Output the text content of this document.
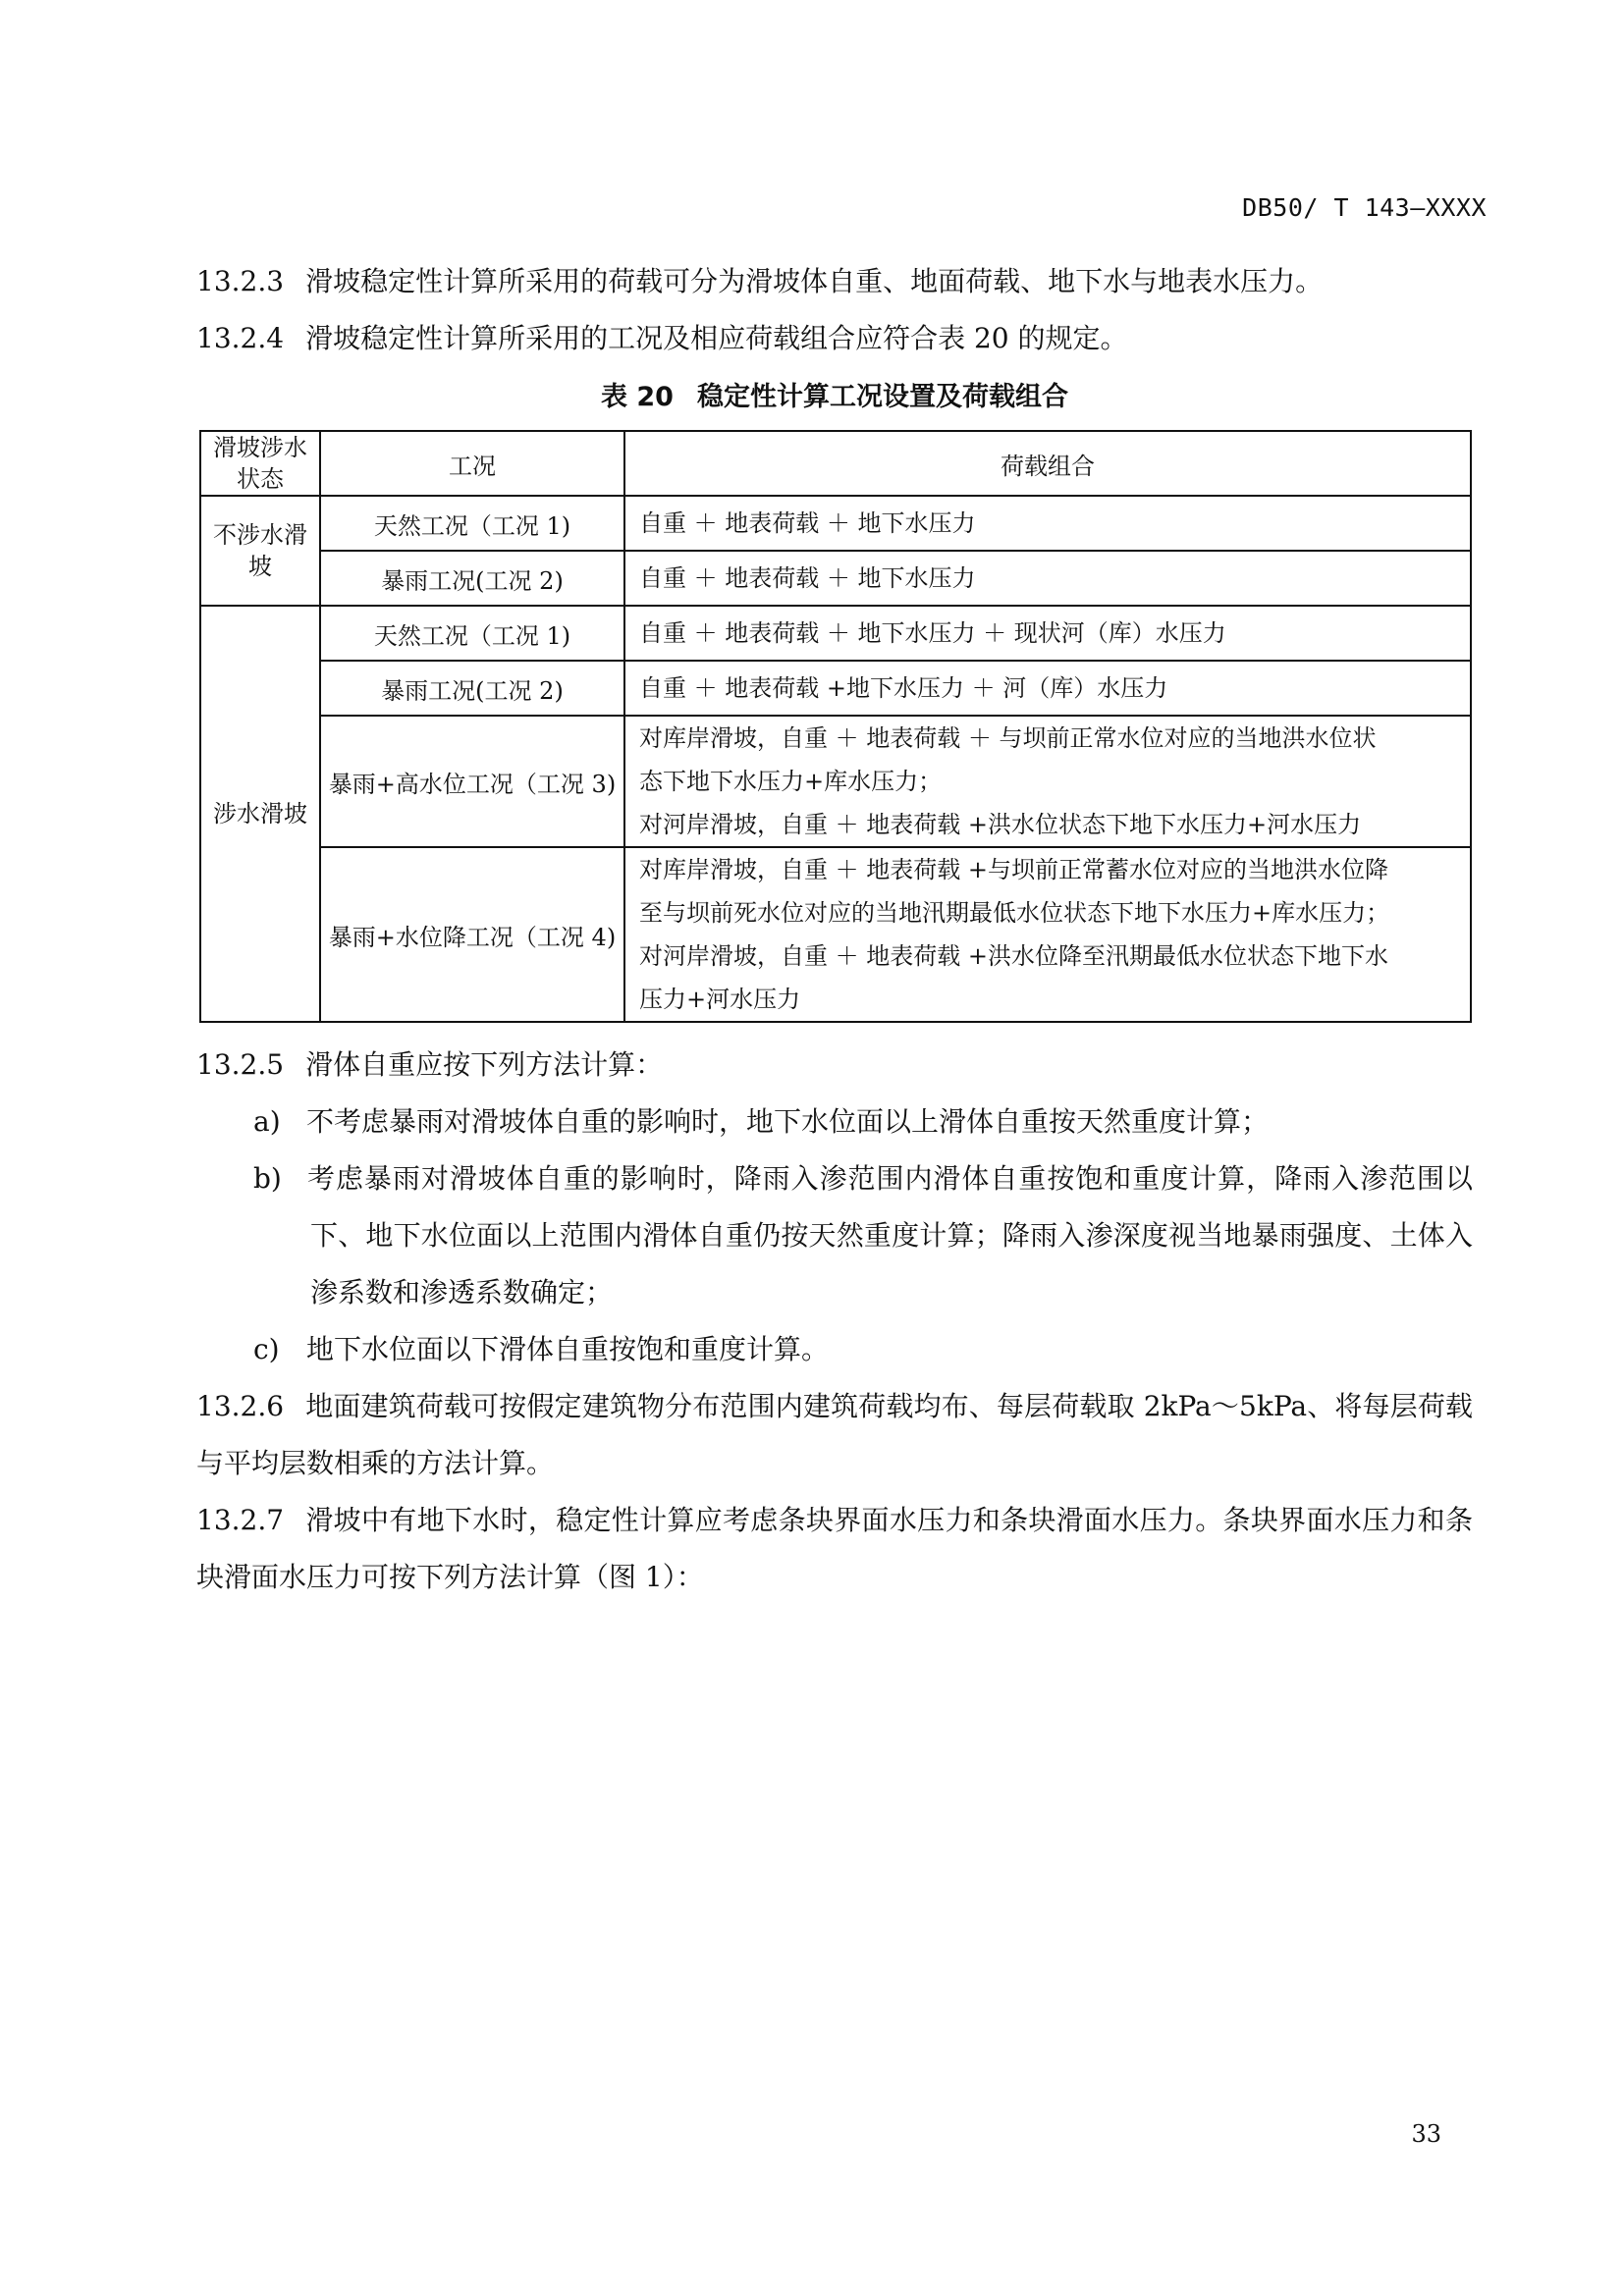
DB50/ T 143—XXXX
13.2.3 滑坡稳定性计算所采用的荷载可分为滑坡体自重、地面荷载、地下水与地表水压力。
13.2.4 滑坡稳定性计算所采用的工况及相应荷载组合应符合表 20 的规定。
表 20 稳定性计算工况设置及荷载组合
滑坡涉水状态	工况	荷载组合
不涉水滑坡	天然工况（工况 1)	自重 ＋ 地表荷载 ＋ 地下水压力

	暴雨工况(工况 2)	自重 ＋ 地表荷载 ＋ 地下水压力

涉水滑坡	天然工况（工况 1)	自重 ＋ 地表荷载 ＋ 地下水压力 ＋ 现状河（库）水压力

	暴雨工况(工况 2)	自重 ＋ 地表荷载 +地下水压力 ＋ 河（库）水压力

	暴雨+高水位工况（工况 3)	对库岸滑坡，自重 ＋ 地表荷载 ＋ 与坝前正常水位对应的当地洪水位状
态下地下水压力+库水压力；
对河岸滑坡，自重 ＋ 地表荷载 +洪水位状态下地下水压力+河水压力

	暴雨+水位降工况（工况 4)	对库岸滑坡，自重 ＋ 地表荷载 +与坝前正常蓄水位对应的当地洪水位降
至与坝前死水位对应的当地汛期最低水位状态下地下水压力+库水压力；
对河岸滑坡，自重 ＋ 地表荷载 +洪水位降至汛期最低水位状态下地下水
压力+河水压力
13.2.5 滑体自重应按下列方法计算：
a) 不考虑暴雨对滑坡体自重的影响时，地下水位面以上滑体自重按天然重度计算；
b) 考虑暴雨对滑坡体自重的影响时，降雨入渗范围内滑体自重按饱和重度计算，降雨入渗范围以下、地下水位面以上范围内滑体自重仍按天然重度计算；降雨入渗深度视当地暴雨强度、土体入渗系数和渗透系数确定；
c) 地下水位面以下滑体自重按饱和重度计算。
13.2.6 地面建筑荷载可按假定建筑物分布范围内建筑荷载均布、每层荷载取 2kPa～5kPa、将每层荷载与平均层数相乘的方法计算。
13.2.7 滑坡中有地下水时，稳定性计算应考虑条块界面水压力和条块滑面水压力。条块界面水压力和条块滑面水压力可按下列方法计算（图 1）：
33
